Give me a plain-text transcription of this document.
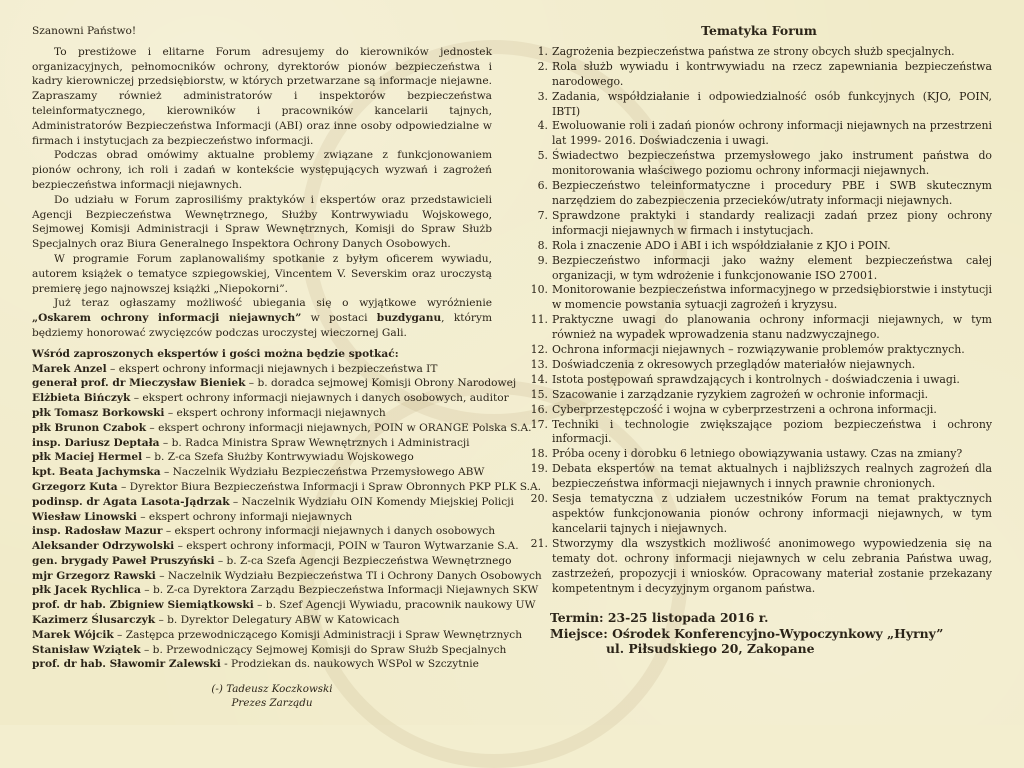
Szanowni Państwo!

To prestiżowe i elitarne Forum adresujemy do kierowników jednostek organizacyjnych, pełnomocników ochrony, dyrektorów pionów bezpieczeństwa i kadry kierowniczej przedsiębiorstw, w których przetwarzane są informacje niejawne. Zapraszamy również administratorów i inspektorów bezpieczeństwa teleinformatycznego, kierowników i pracowników kancelarii tajnych, Administratorów Bezpieczeństwa Informacji (ABI) oraz inne osoby odpowiedzialne w firmach i instytucjach za bezpieczeństwo informacji.

Podczas obrad omówimy aktualne problemy związane z funkcjonowaniem pionów ochrony, ich roli i zadań w kontekście występujących wyzwań i zagrożeń bezpieczeństwa informacji niejawnych.

Do udziału w Forum zaprosiliśmy praktyków i ekspertów oraz przedstawicieli Agencji Bezpieczeństwa Wewnętrznego, Służby Kontrwywiadu Wojskowego, Sejmowej Komisji Administracji i Spraw Wewnętrznych, Komisji do Spraw Służb Specjalnych oraz Biura Generalnego Inspektora Ochrony Danych Osobowych.

W programie Forum zaplanowaliśmy spotkanie z byłym oficerem wywiadu, autorem książek o tematyce szpiegowskiej, Vincentem V. Severskim oraz uroczystą premierę jego najnowszej książki „Niepokorni”.

Już teraz ogłaszamy możliwość ubiegania się o wyjątkowe wyróżnienie „Oskarem ochrony informacji niejawnych” w postaci buzdyganu, którym będziemy honorować zwycięzców podczas uroczystej wieczornej Gali.

Wśród zaproszonych ekspertów i gości można będzie spotkać:

Marek Anzel – ekspert ochrony informacji niejawnych i bezpieczeństwa IT

generał prof. dr Mieczysław Bieniek – b. doradca sejmowej Komisji Obrony Narodowej

Elżbieta Bińczyk – ekspert ochrony informacji niejawnych i danych osobowych, auditor

płk Tomasz Borkowski – ekspert ochrony informacji niejawnych

płk Brunon Czabok – ekspert ochrony informacji niejawnych, POIN w ORANGE Polska S.A.

insp. Dariusz Deptała – b. Radca Ministra Spraw Wewnętrznych i Administracji

płk Maciej Hermel – b. Z-ca Szefa Służby Kontrwywiadu Wojskowego

kpt. Beata Jachymska – Naczelnik Wydziału Bezpieczeństwa Przemysłowego ABW

Grzegorz Kuta – Dyrektor Biura Bezpieczeństwa Informacji i Spraw Obronnych PKP PLK S.A.

podinsp. dr Agata Lasota-Jądrzak – Naczelnik Wydziału OIN Komendy Miejskiej Policji

Wiesław Linowski – ekspert ochrony informaji niejawnych

insp. Radosław Mazur – ekspert ochrony informacji niejawnych i danych osobowych

Aleksander Odrzywolski – ekspert ochrony informacji, POIN w Tauron Wytwarzanie S.A.

gen. brygady Paweł Pruszyński – b. Z-ca Szefa Agencji Bezpieczeństwa Wewnętrznego

mjr Grzegorz Rawski – Naczelnik Wydziału Bezpieczeństwa TI i Ochrony Danych Osobowych

płk Jacek Rychlica – b. Z-ca Dyrektora Zarządu Bezpieczeństwa Informacji Niejawnych SKW

prof. dr hab. Zbigniew Siemiątkowski – b. Szef Agencji Wywiadu, pracownik naukowy UW

Kazimerz Ślusarczyk – b. Dyrektor Delegatury ABW w Katowicach

Marek Wójcik – Zastępca przewodniczącego Komisji Administracji i Spraw Wewnętrznych

Stanisław Wziątek – b. Przewodniczący Sejmowej Komisji do Spraw Służb Specjalnych

prof. dr hab. Sławomir Zalewski - Prodziekan ds. naukowych WSPol w Szczytnie

(-) Tadeusz Koczkowski
Prezes Zarządu

Tematyka Forum

1. Zagrożenia bezpieczeństwa państwa ze strony obcych służb specjalnych.
2. Rola służb wywiadu i kontrwywiadu na rzecz zapewniania bezpieczeństwa narodowego.
3. Zadania, współdziałanie i odpowiedzialność osób funkcyjnych (KJO, POIN, IBTI)
4. Ewoluowanie roli i zadań pionów ochrony informacji niejawnych na przestrzeni lat 1999- 2016. Doświadczenia i uwagi.
5. Świadectwo bezpieczeństwa przemysłowego jako instrument państwa do monitorowania właściwego poziomu ochrony informacji niejawnych.
6. Bezpieczeństwo teleinformatyczne i procedury PBE i SWB skutecznym narzędziem do zabezpieczenia przecieków/utraty informacji niejawnych.
7. Sprawdzone praktyki i standardy realizacji zadań przez piony ochrony informacji niejawnych w firmach i instytucjach.
8. Rola i znaczenie ADO i ABI i ich współdziałanie z KJO i POIN.
9. Bezpieczeństwo informacji jako ważny element bezpieczeństwa całej organizacji, w tym wdrożenie i funkcjonowanie ISO 27001.
10. Monitorowanie bezpieczeństwa informacyjnego w przedsiębiorstwie i instytucji w momencie powstania sytuacji zagrożeń i kryzysu.
11. Praktyczne uwagi do planowania ochrony informacji niejawnych, w tym również na wypadek wprowadzenia stanu nadzwyczajnego.
12. Ochrona informacji niejawnych – rozwiązywanie problemów praktycznych.
13. Doświadczenia z okresowych przeglądów materiałów niejawnych.
14. Istota postępowań sprawdzających i kontrolnych - doświadczenia i uwagi.
15. Szacowanie i zarządzanie ryzykiem zagrożeń w ochronie informacji.
16. Cyberprzestępczość i wojna w cyberprzestrzeni a ochrona informacji.
17. Techniki i technologie zwiększające poziom bezpieczeństwa i ochrony informacji.
18. Próba oceny i dorobku 6 letniego obowiązywania ustawy. Czas na zmiany?
19. Debata ekspertów na temat aktualnych i najbliższych realnych zagrożeń dla bezpieczeństwa informacji niejawnych i innych prawnie chronionych.
20. Sesja tematyczna z udziałem uczestników Forum na temat praktycznych aspektów funkcjonowania pionów ochrony informacji niejawnych, w tym kancelarii tajnych i niejawnych.
21. Stworzymy dla wszystkich możliwość anonimowego wypowiedzenia się na tematy dot. ochrony informacji niejawnych w celu zebrania Państwa uwag, zastrzeżeń, propozycji i wniosków. Opracowany materiał zostanie przekazany kompetentnym i decyzyjnym organom państwa.
Termin: 23-25 listopada 2016 r.
Miejsce: Ośrodek Konferencyjno-Wypoczynkowy „Hyrny”
ul. Piłsudskiego 20, Zakopane
